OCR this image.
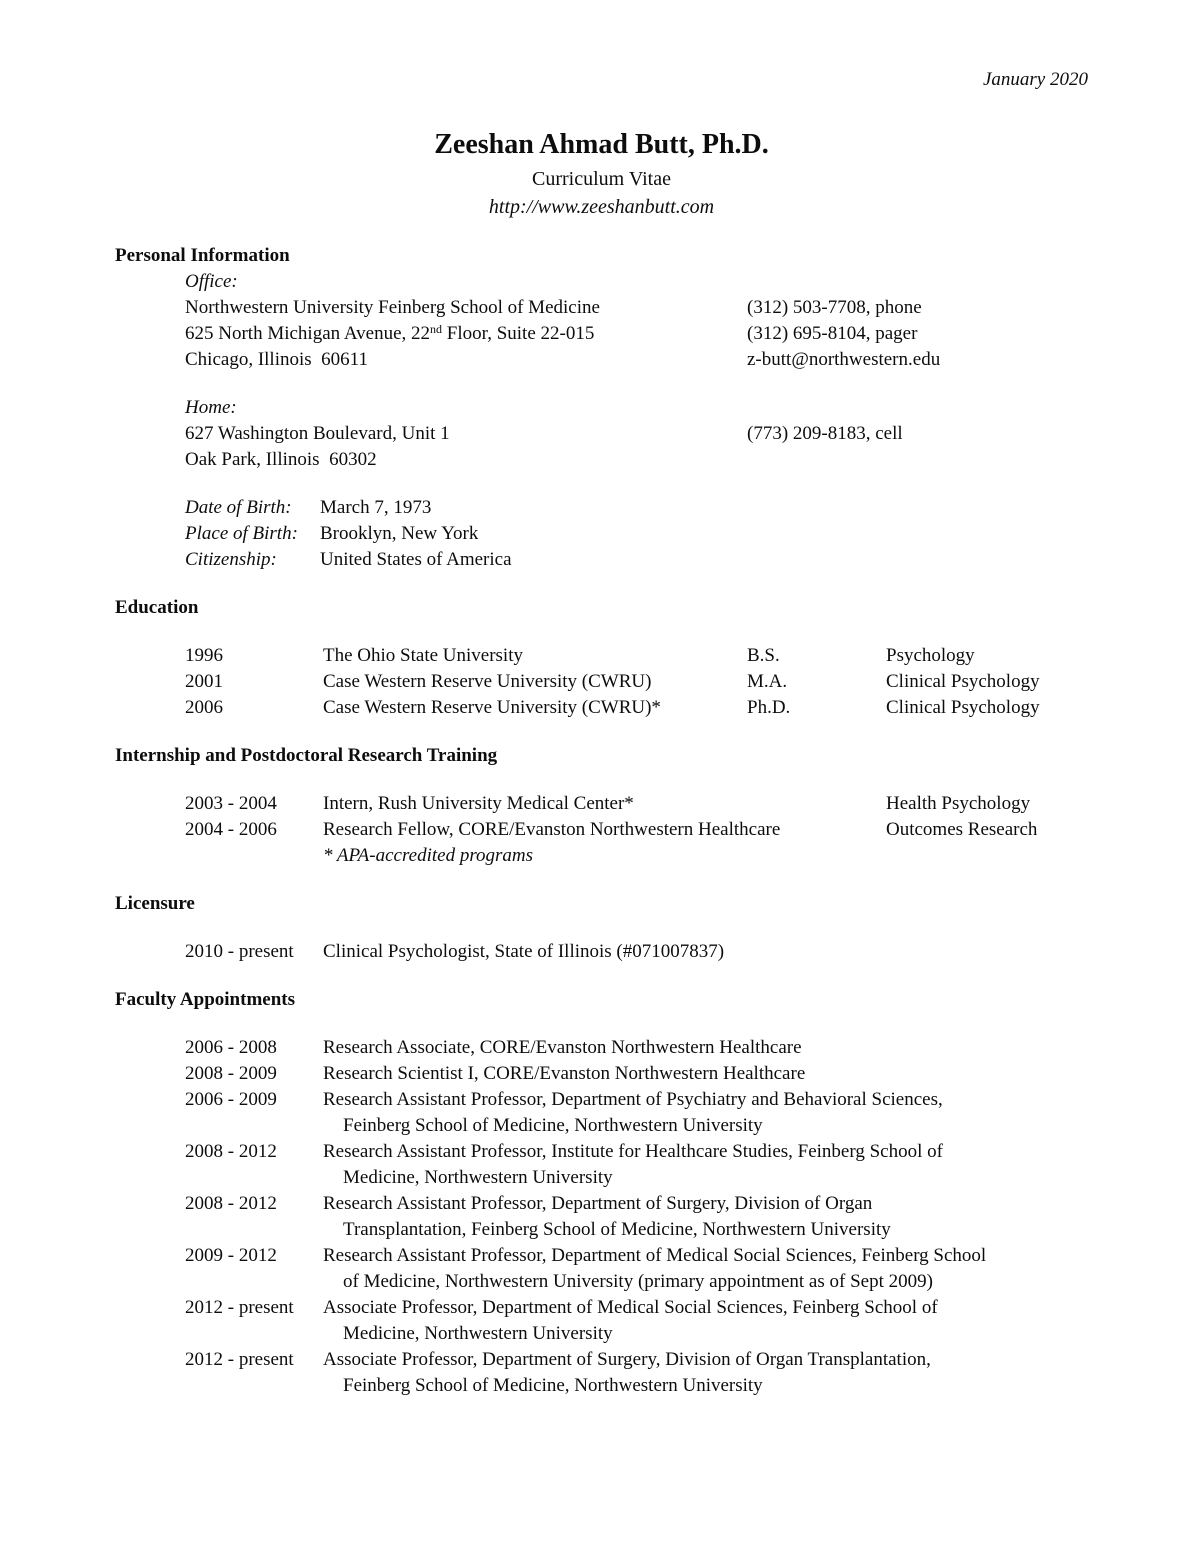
January 2020
Zeeshan Ahmad Butt, Ph.D.
Curriculum Vitae
http://www.zeeshanbutt.com
Personal Information
Office:
Northwestern University Feinberg School of Medicine	(312) 503-7708, phone
625 North Michigan Avenue, 22nd Floor, Suite 22-015	(312) 695-8104, pager
Chicago, Illinois  60611	z-butt@northwestern.edu
Home:
627 Washington Boulevard, Unit 1	(773) 209-8183, cell
Oak Park, Illinois  60302
Date of Birth:	March 7, 1973
Place of Birth:	Brooklyn, New York
Citizenship:	United States of America
Education
1996	The Ohio State University	B.S.	Psychology
2001	Case Western Reserve University (CWRU)	M.A.	Clinical Psychology
2006	Case Western Reserve University (CWRU)*	Ph.D.	Clinical Psychology
Internship and Postdoctoral Research Training
2003 - 2004	Intern, Rush University Medical Center*	Health Psychology
2004 - 2006	Research Fellow, CORE/Evanston Northwestern Healthcare	Outcomes Research
* APA-accredited programs
Licensure
2010 - present	Clinical Psychologist, State of Illinois (#071007837)
Faculty Appointments
2006 - 2008	Research Associate, CORE/Evanston Northwestern Healthcare
2008 - 2009	Research Scientist I, CORE/Evanston Northwestern Healthcare
2006 - 2009	Research Assistant Professor, Department of Psychiatry and Behavioral Sciences,
Feinberg School of Medicine, Northwestern University
2008 - 2012	Research Assistant Professor, Institute for Healthcare Studies, Feinberg School of
Medicine, Northwestern University
2008 - 2012	Research Assistant Professor, Department of Surgery, Division of Organ
Transplantation, Feinberg School of Medicine, Northwestern University
2009 - 2012	Research Assistant Professor, Department of Medical Social Sciences, Feinberg School
of Medicine, Northwestern University (primary appointment as of Sept 2009)
2012 - present	Associate Professor, Department of Medical Social Sciences, Feinberg School of
Medicine, Northwestern University
2012 - present	Associate Professor, Department of Surgery, Division of Organ Transplantation,
Feinberg School of Medicine, Northwestern University
